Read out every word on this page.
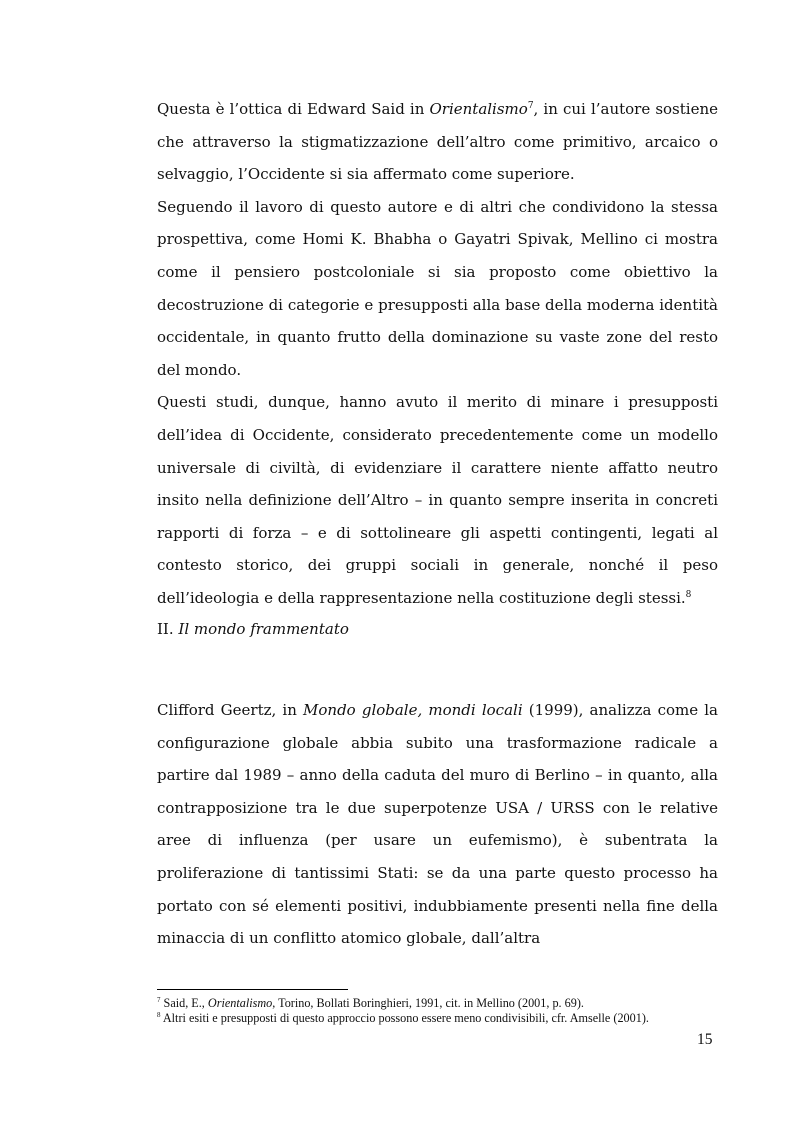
Questa è l’ottica di Edward Said in Orientalismo$^7$, in cui l’autore sostiene che attraverso la stigmatizzazione dell’altro come primitivo, arcaico o selvaggio, l’Occidente si sia affermato come superiore.

Seguendo il lavoro di questo autore e di altri che condividono la stessa prospettiva, come Homi K. Bhabha o Gayatri Spivak, Mellino ci mostra come il pensiero postcoloniale si sia proposto come obiettivo la decostruzione di categorie e presupposti alla base della moderna identità occidentale, in quanto frutto della dominazione su vaste zone del resto del mondo.

Questi studi, dunque, hanno avuto il merito di minare i presupposti dell’idea di Occidente, considerato precedentemente come un modello universale di civiltà, di evidenziare il carattere niente affatto neutro insito nella definizione dell’Altro – in quanto sempre inserita in concreti rapporti di forza – e di sottolineare gli aspetti contingenti, legati al contesto storico, dei gruppi sociali in generale, nonché il peso dell’ideologia e della rappresentazione nella costituzione degli stessi.$^8$

II. Il mondo frammentato

Clifford Geertz, in Mondo globale, mondi locali (1999), analizza come la configurazione globale abbia subito una trasformazione radicale a partire dal 1989 – anno della caduta del muro di Berlino – in quanto, alla contrapposizione tra le due superpotenze USA / URSS con le relative aree di influenza (per usare un eufemismo), è subentrata la proliferazione di tantissimi Stati: se da una parte questo processo ha portato con sé elementi positivi, indubbiamente presenti nella fine della minaccia di un conflitto atomico globale, dall’altra

$^7$ Said, E., Orientalismo, Torino, Bollati Boringhieri, 1991, cit. in Mellino (2001, p. 69).

$^8$ Altri esiti e presupposti di questo approccio possono essere meno condivisibili, cfr. Amselle (2001).

15
